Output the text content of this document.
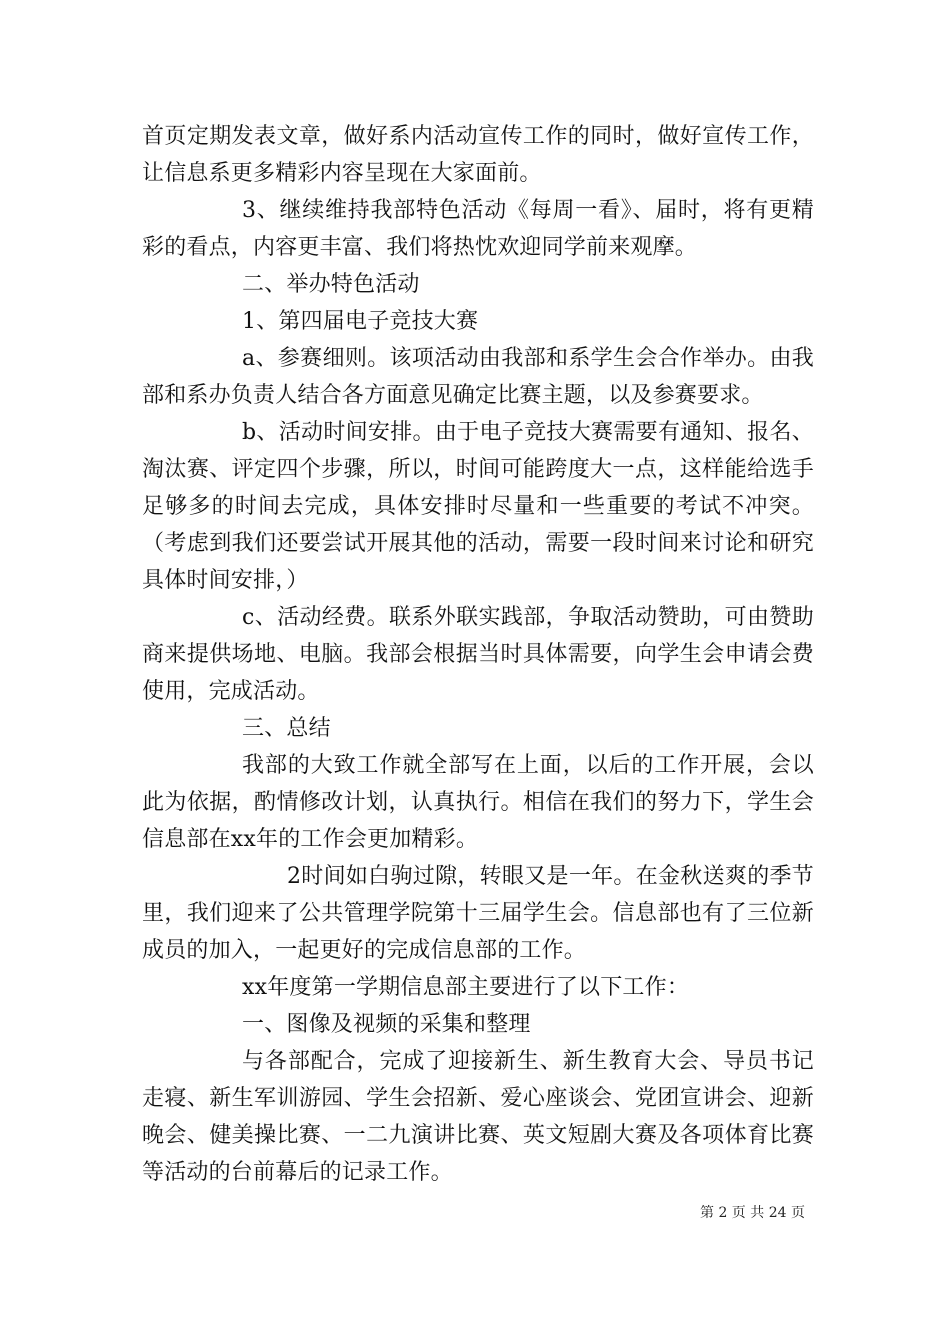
首页定期发表文章，做好系内活动宣传工作的同时，做好宣传工作，让信息系更多精彩内容呈现在大家面前。

3、继续维持我部特色活动《每周一看》、届时，将有更精彩的看点，内容更丰富、我们将热忱欢迎同学前来观摩。

二、举办特色活动

1、第四届电子竞技大赛

a、参赛细则。该项活动由我部和系学生会合作举办。由我部和系办负责人结合各方面意见确定比赛主题，以及参赛要求。

b、活动时间安排。由于电子竞技大赛需要有通知、报名、淘汰赛、评定四个步骤，所以，时间可能跨度大一点，这样能给选手足够多的时间去完成，具体安排时尽量和一些重要的考试不冲突。（考虑到我们还要尝试开展其他的活动，需要一段时间来讨论和研究具体时间安排，）

c、活动经费。联系外联实践部，争取活动赞助，可由赞助商来提供场地、电脑。我部会根据当时具体需要，向学生会申请会费使用，完成活动。

三、总结

我部的大致工作就全部写在上面，以后的工作开展，会以此为依据，酌情修改计划，认真执行。相信在我们的努力下，学生会信息部在xx年的工作会更加精彩。

2时间如白驹过隙，转眼又是一年。在金秋送爽的季节里，我们迎来了公共管理学院第十三届学生会。信息部也有了三位新成员的加入，一起更好的完成信息部的工作。

xx年度第一学期信息部主要进行了以下工作：

一、图像及视频的采集和整理

与各部配合，完成了迎接新生、新生教育大会、导员书记走寝、新生军训游园、学生会招新、爱心座谈会、党团宣讲会、迎新晚会、健美操比赛、一二九演讲比赛、英文短剧大赛及各项体育比赛等活动的台前幕后的记录工作。

第 2 页 共 24 页
